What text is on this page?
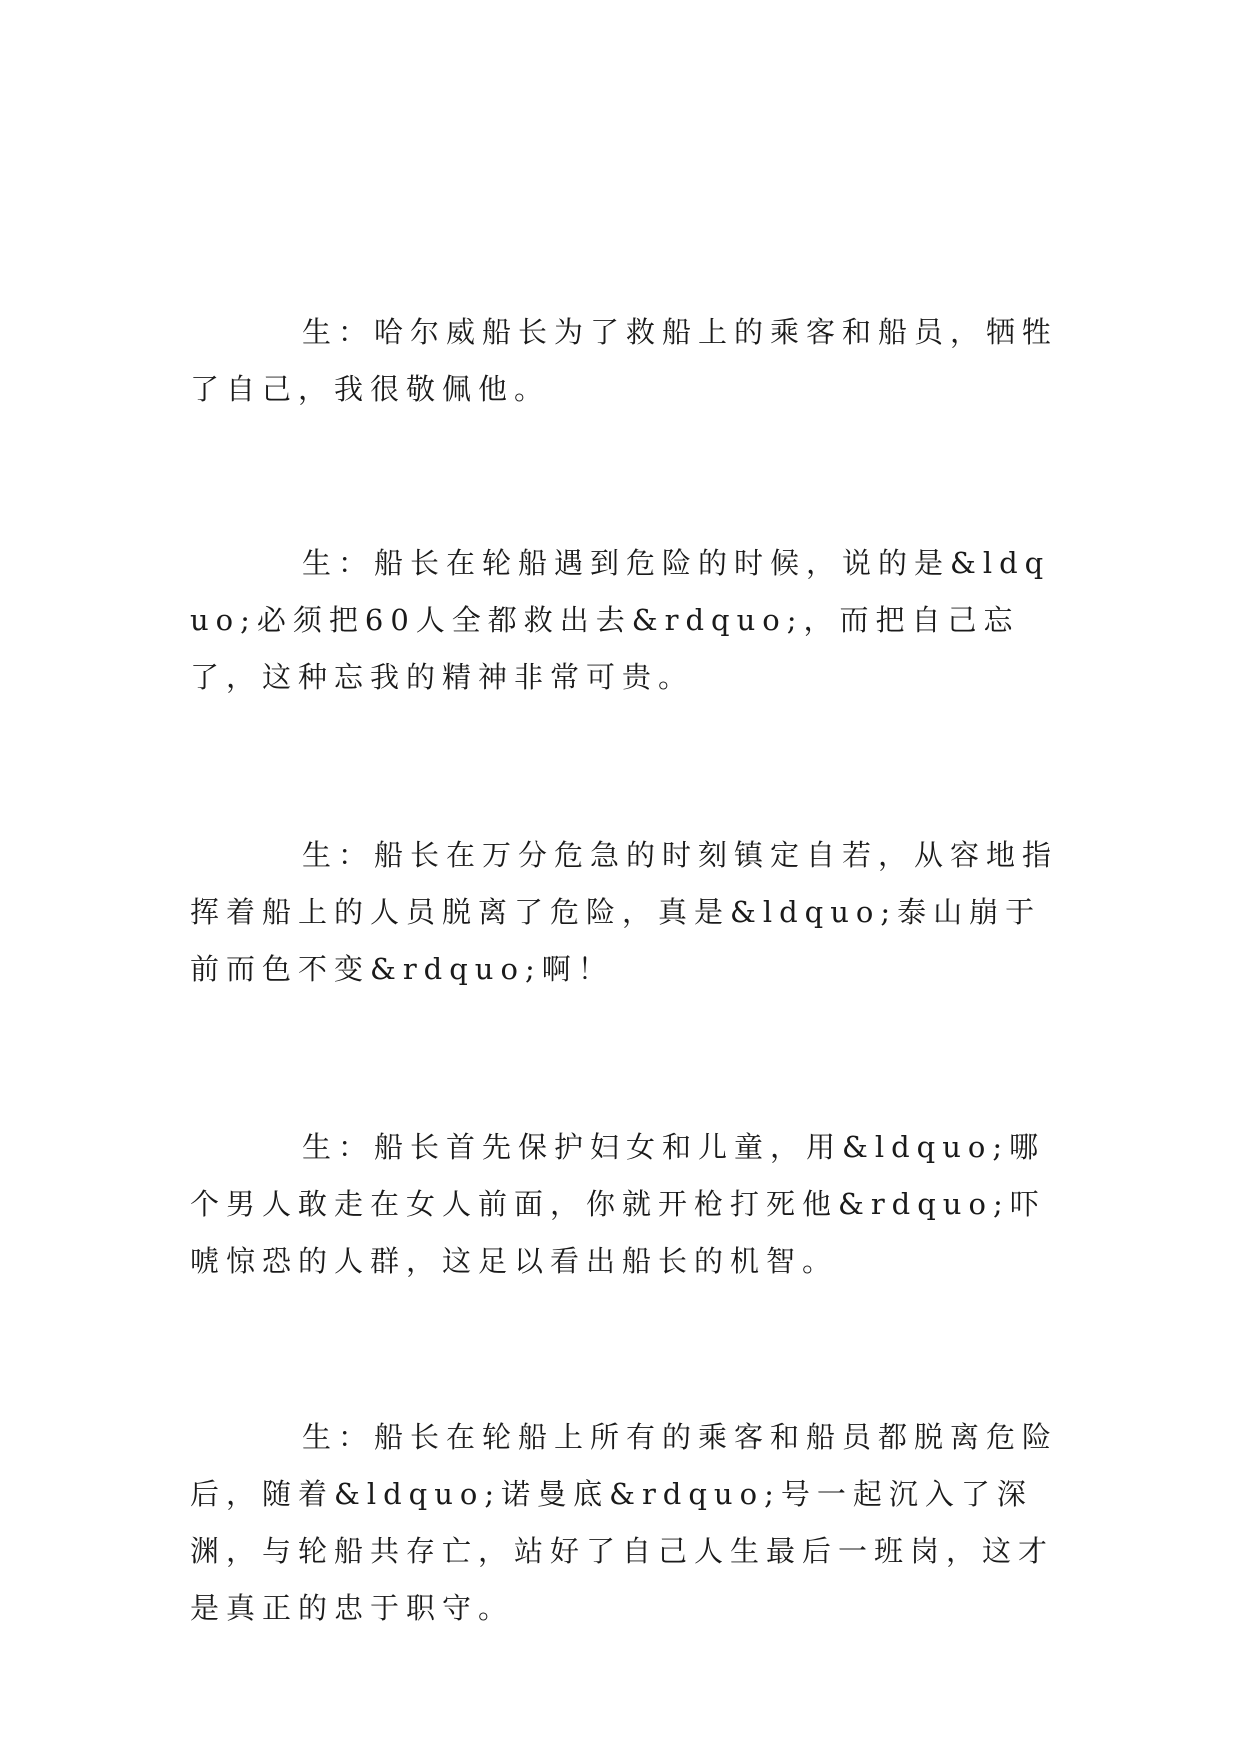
生：哈尔威船长为了救船上的乘客和船员，牺牲了自己，我很敬佩他。

生：船长在轮船遇到危险的时候，说的是&ldquo;必须把60人全都救出去&rdquo;，而把自己忘了，这种忘我的精神非常可贵。

生：船长在万分危急的时刻镇定自若，从容地指挥着船上的人员脱离了危险，真是&ldquo;泰山崩于前而色不变&rdquo;啊！

生：船长首先保护妇女和儿童，用&ldquo;哪个男人敢走在女人前面，你就开枪打死他&rdquo;吓唬惊恐的人群，这足以看出船长的机智。

生：船长在轮船上所有的乘客和船员都脱离危险后，随着&ldquo;诺曼底&rdquo;号一起沉入了深渊，与轮船共存亡，站好了自己人生最后一班岗，这才是真正的忠于职守。
